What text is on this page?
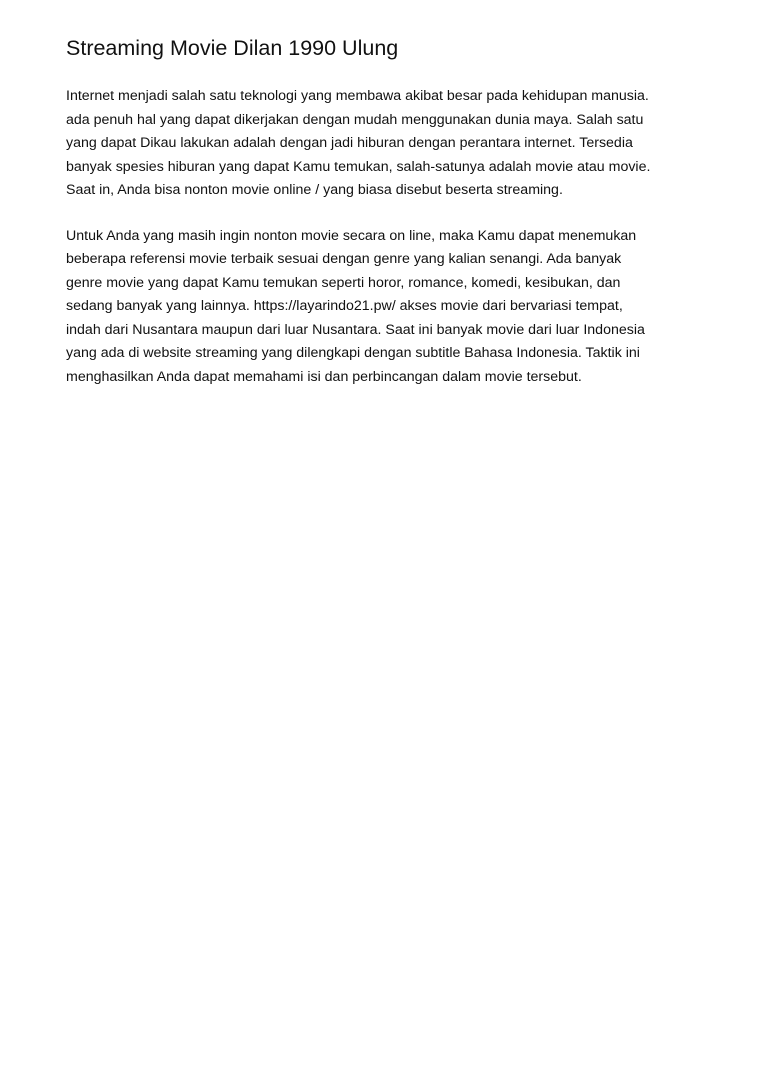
Streaming Movie Dilan 1990 Ulung

Internet menjadi salah satu teknologi yang membawa akibat besar pada kehidupan manusia.
ada penuh hal yang dapat dikerjakan dengan mudah menggunakan dunia maya. Salah satu
yang dapat Dikau lakukan adalah dengan jadi hiburan dengan perantara internet. Tersedia
banyak spesies hiburan yang dapat Kamu temukan, salah-satunya adalah movie atau movie.
Saat in, Anda bisa nonton movie online / yang biasa disebut beserta streaming.

Untuk Anda yang masih ingin nonton movie secara on line, maka Kamu dapat menemukan
beberapa referensi movie terbaik sesuai dengan genre yang kalian senangi. Ada banyak
genre movie yang dapat Kamu temukan seperti horor, romance, komedi, kesibukan, dan
sedang banyak yang lainnya. https://layarindo21.pw/ akses movie dari bervariasi tempat,
indah dari Nusantara maupun dari luar Nusantara. Saat ini banyak movie dari luar Indonesia
yang ada di website streaming yang dilengkapi dengan subtitle Bahasa Indonesia. Taktik ini
menghasilkan Anda dapat memahami isi dan perbincangan dalam movie tersebut.
